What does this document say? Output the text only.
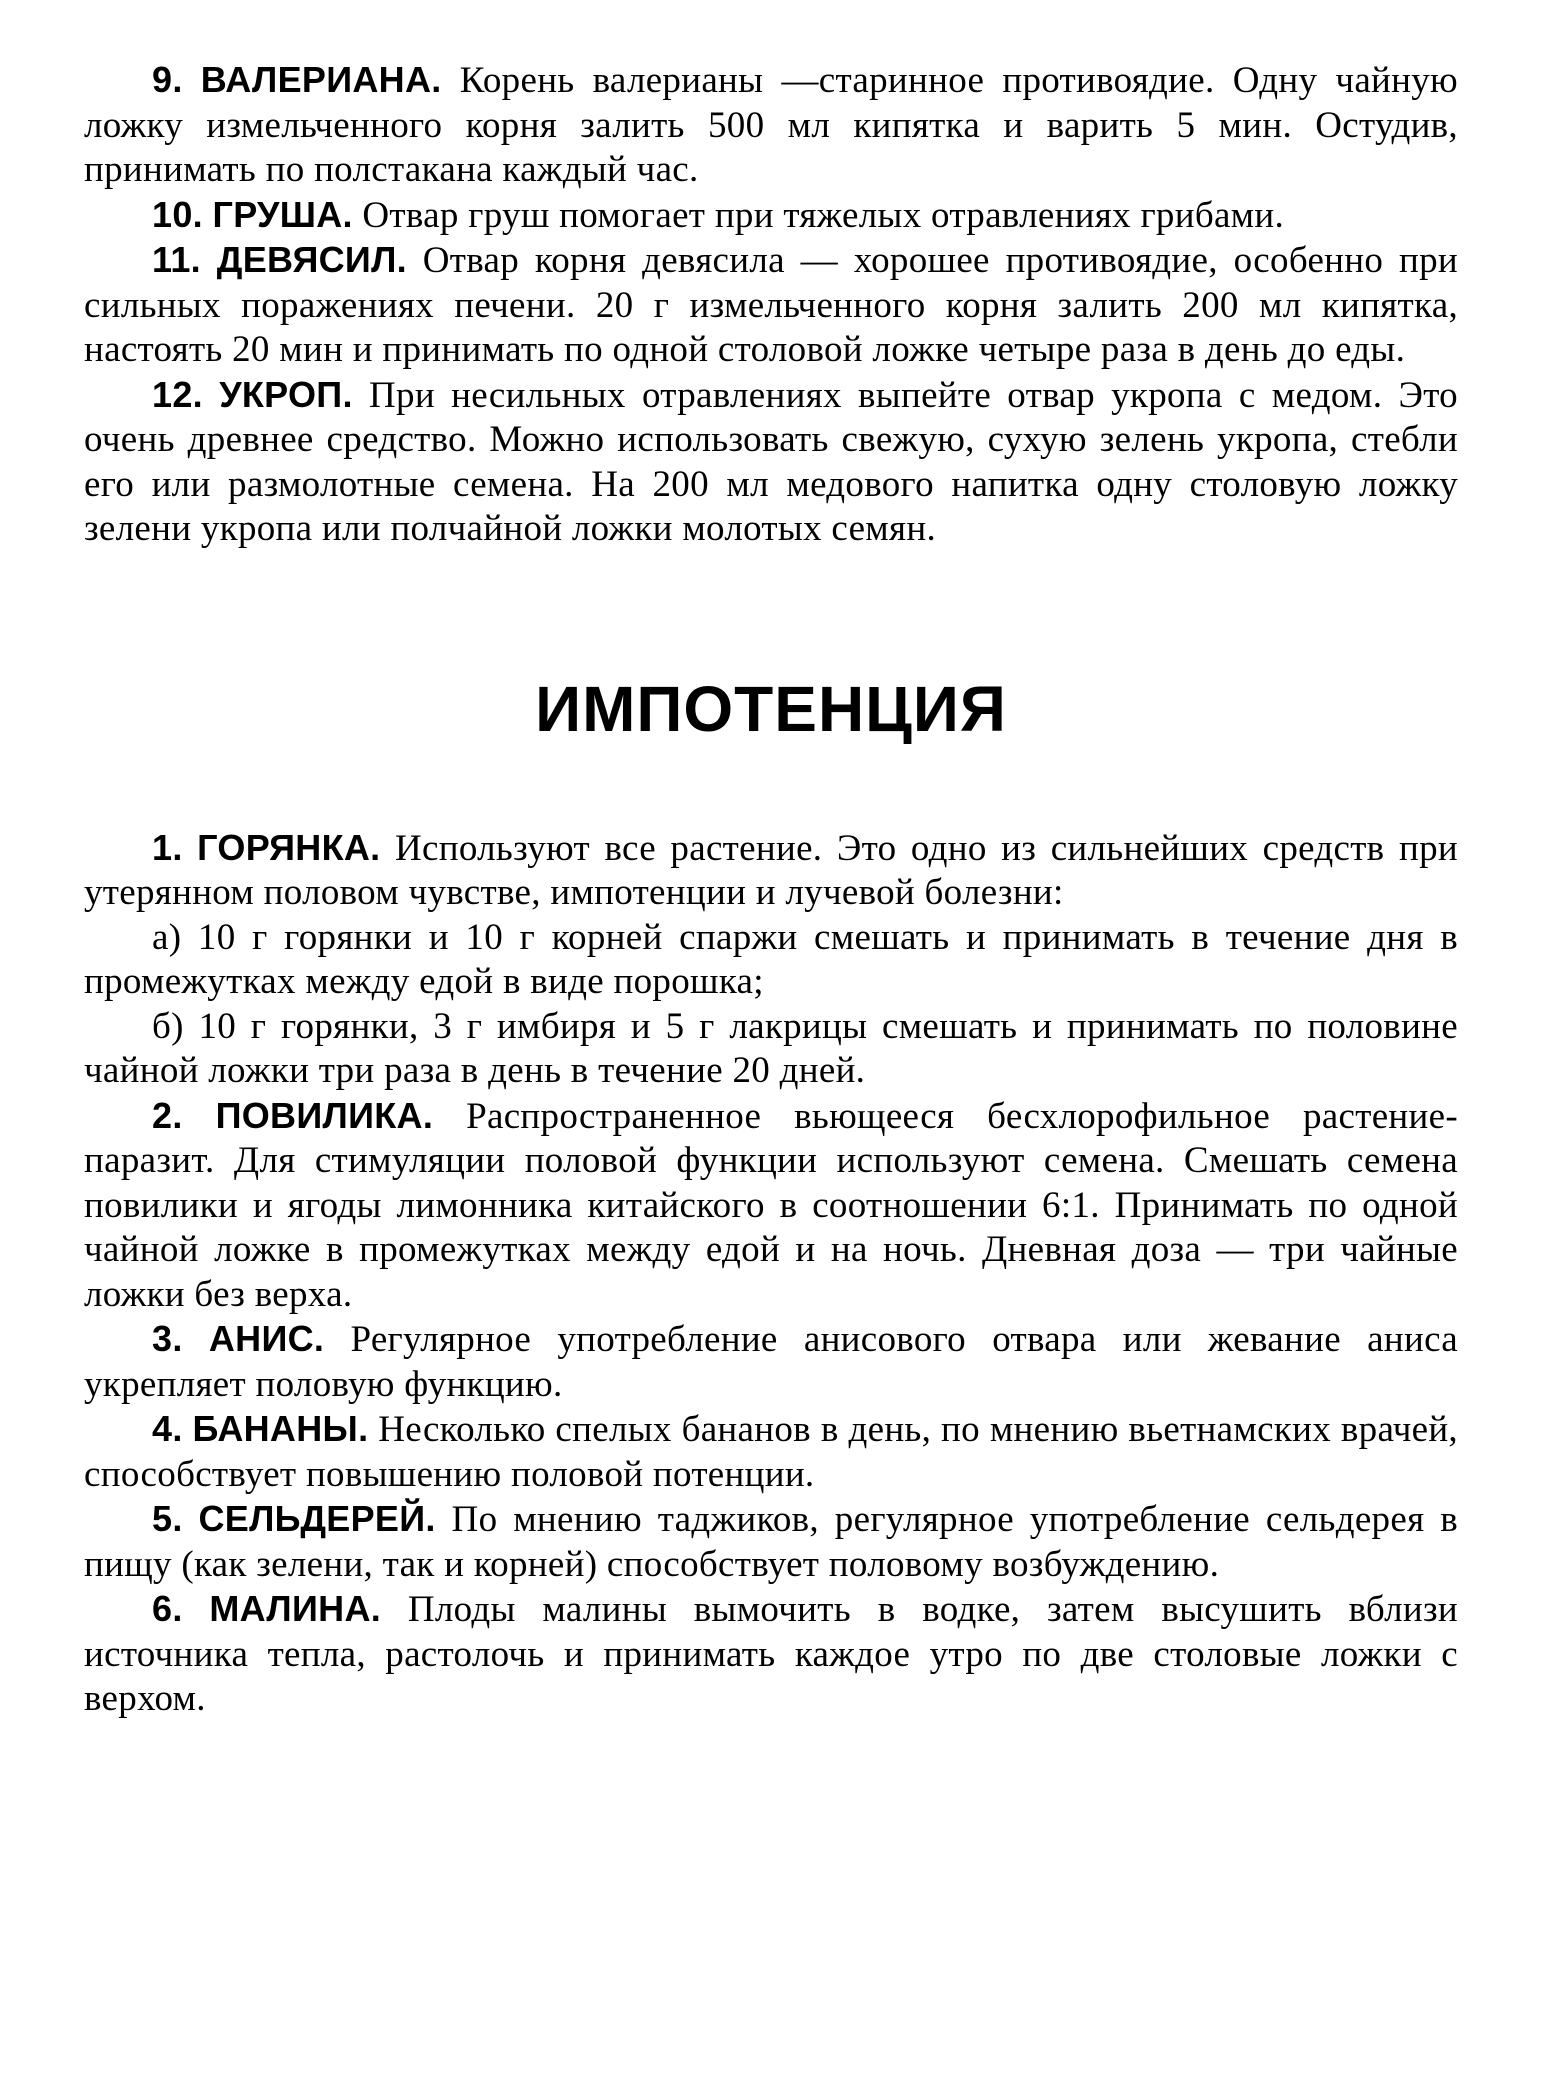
9. ВАЛЕРИАНА. Корень валерианы —старинное противоядие. Одну чайную ложку измельченного корня залить 500 мл кипятка и варить 5 мин. Остудив, принимать по полстакана каждый час.

10. ГРУША. Отвар груш помогает при тяжелых отравлениях грибами.

11. ДЕВЯСИЛ. Отвар корня девясила — хорошее противоядие, особенно при сильных поражениях печени. 20 г измельченного корня залить 200 мл кипятка, настоять 20 мин и принимать по одной столовой ложке четыре раза в день до еды.

12. УКРОП. При несильных отравлениях выпейте отвар укропа с медом. Это очень древнее средство. Можно использовать свежую, сухую зелень укропа, стебли его или размолотные семена. На 200 мл медового напитка одну столовую ложку зелени укропа или полчайной ложки молотых семян.

ИМПОТЕНЦИЯ

1. ГОРЯНКА. Используют все растение. Это одно из сильнейших средств при утерянном половом чувстве, импотенции и лучевой болезни:

а) 10 г горянки и 10 г корней спаржи смешать и принимать в течение дня в промежутках между едой в виде порошка;

б) 10 г горянки, 3 г имбиря и 5 г лакрицы смешать и принимать по половине чайной ложки три раза в день в течение 20 дней.

2. ПОВИЛИКА. Распространенное вьющееся бесхлорофильное растение-паразит. Для стимуляции половой функции используют семена. Смешать семена повилики и ягоды лимонника китайского в соотношении 6:1. Принимать по одной чайной ложке в промежутках между едой и на ночь. Дневная доза — три чайные ложки без верха.

3. АНИС. Регулярное употребление анисового отвара или жевание аниса укрепляет половую функцию.

4. БАНАНЫ. Несколько спелых бананов в день, по мнению вьетнамских врачей, способствует повышению половой потенции.

5. СЕЛЬДЕРЕЙ. По мнению таджиков, регулярное употребление сельдерея в пищу (как зелени, так и корней) способствует половому возбуждению.

6. МАЛИНА. Плоды малины вымочить в водке, затем высушить вблизи источника тепла, растолочь и принимать каждое утро по две столовые ложки с верхом.
